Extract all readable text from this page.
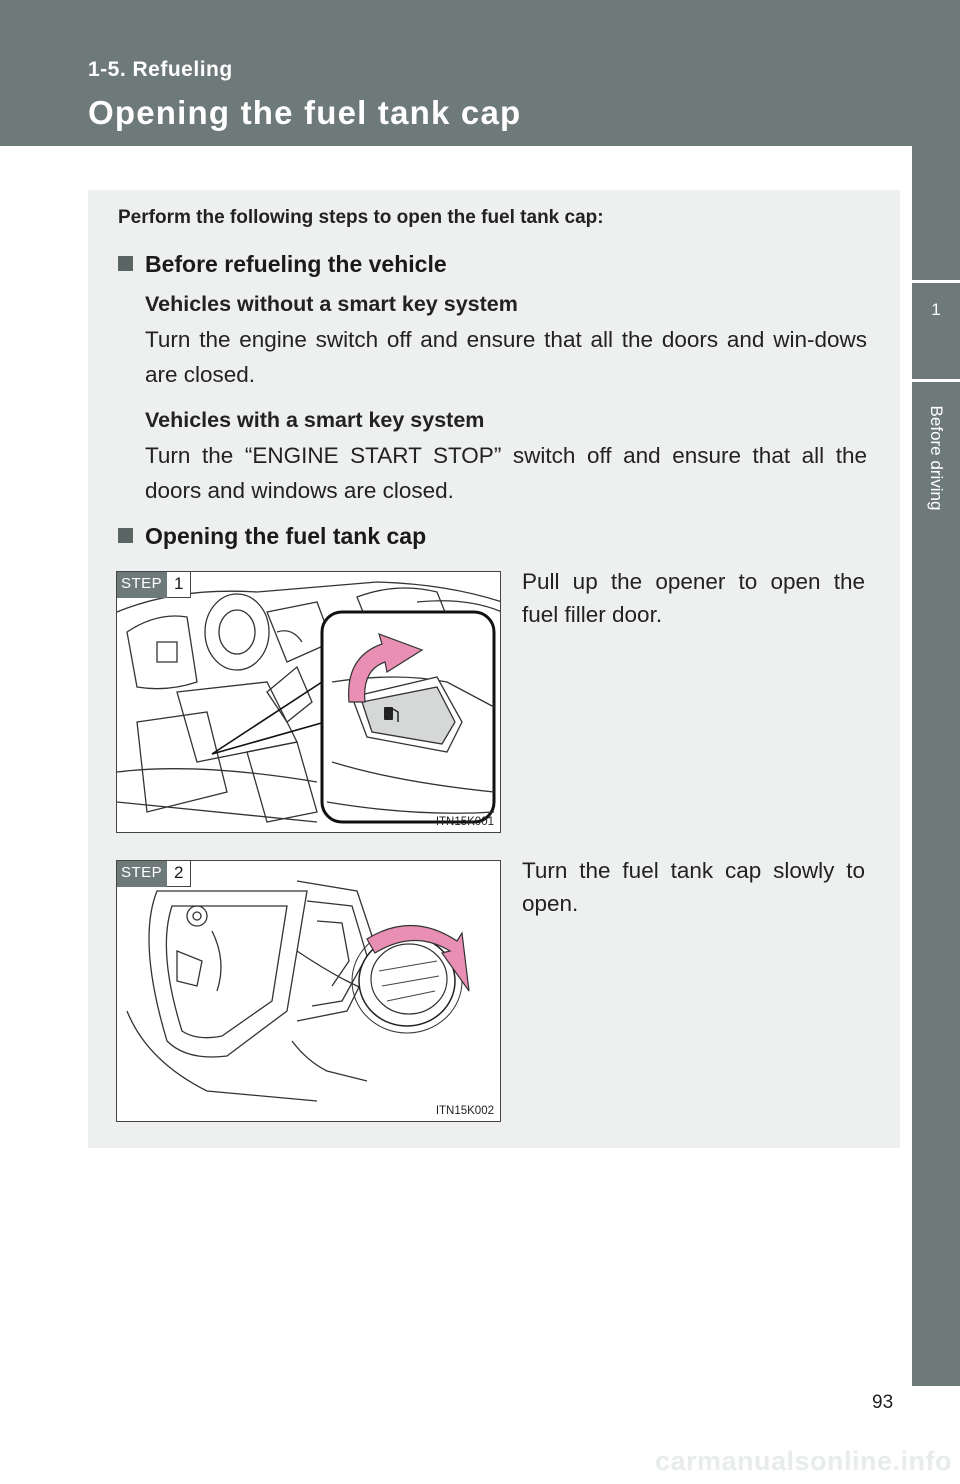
1-5. Refueling
Opening the fuel tank cap
1
Before driving
Perform the following steps to open the fuel tank cap:
Before refueling the vehicle
Vehicles without a smart key system
Turn the engine switch off and ensure that all the doors and win-dows are closed.
Vehicles with a smart key system
Turn the “ENGINE START STOP” switch off and ensure that all the doors and windows are closed.
Opening the fuel tank cap
STEP 1
ITN15K001
Pull up the opener to open the fuel filler door.
STEP 2
ITN15K002
Turn the fuel tank cap slowly to open.
93
carmanualsonline.info
